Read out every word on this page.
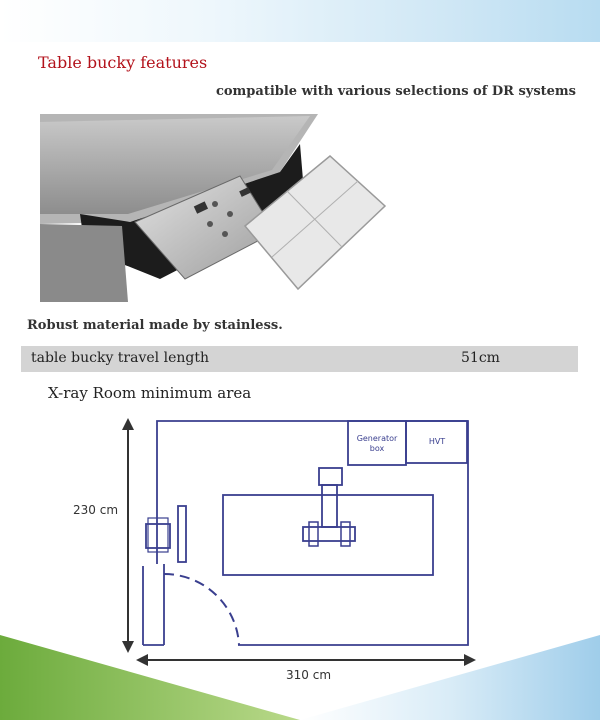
Table bucky features
compatible with various selections of DR systems
Robust material made by stainless.
table bucky travel length	51cm
X-ray Room minimum area
Generator
box
HVT
230 cm
310 cm
